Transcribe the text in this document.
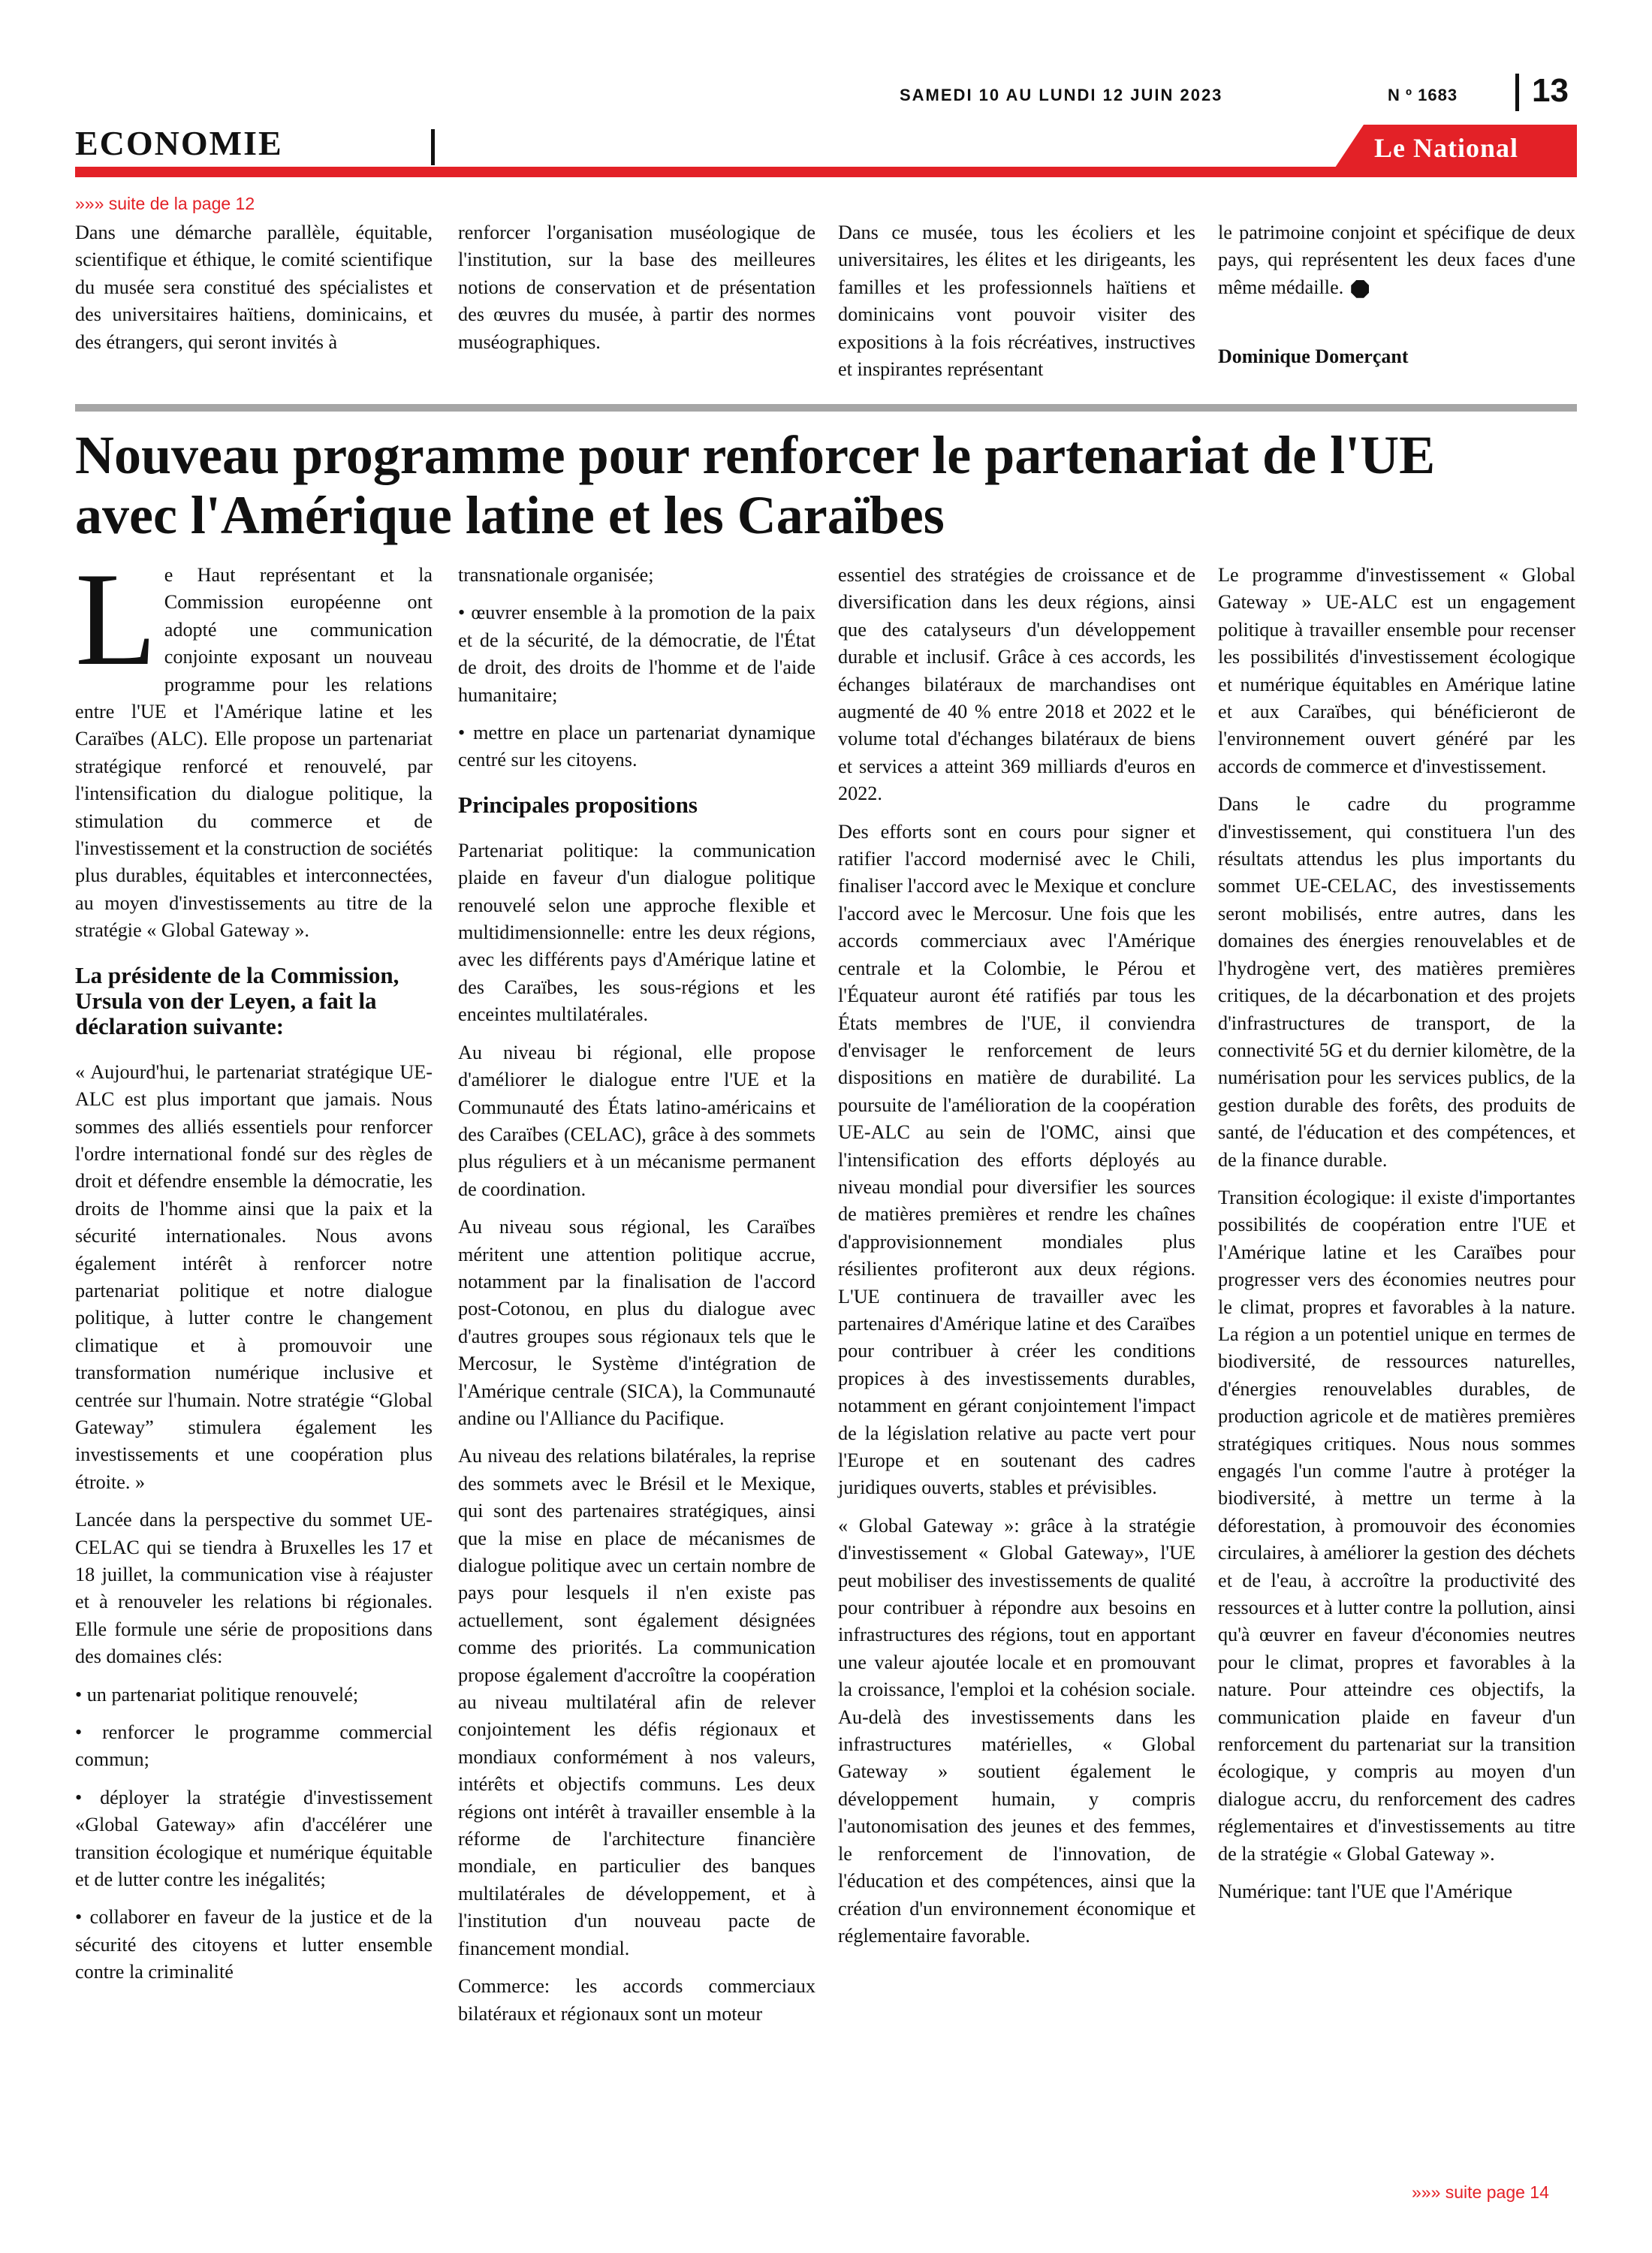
SAMEDI 10 AU LUNDI 12 JUIN 2023	N º 1683 13
ECONOMIE	Le National
»»» suite de la page 12

Dans une démarche parallèle, équitable, scientifique et éthique, le comité scientifique du musée sera constitué des spécialistes et des universitaires haïtiens, dominicains, et des étrangers, qui seront invités à

renforcer l'organisation muséologique de l'institution, sur la base des meilleures notions de conservation et de présentation des œuvres du musée, à partir des normes muséographiques.

Dans ce musée, tous les écoliers et les universitaires, les élites et les dirigeants, les familles et les professionnels haïtiens et dominicains vont pouvoir visiter des expositions à la fois récréatives, instructives et inspirantes représentant

le patrimoine conjoint et spécifique de deux pays, qui représentent les deux faces d'une même médaille.

Dominique Domerçant

Nouveau programme pour renforcer le partenariat de l'UE
avec l'Amérique latine et les Caraïbes

Le Haut représentant et la Commission européenne ont adopté une communication conjointe exposant un nouveau programme pour les relations entre l'UE et l'Amérique latine et les Caraïbes (ALC). Elle propose un partenariat stratégique renforcé et renouvelé, par l'intensification du dialogue politique, la stimulation du commerce et de l'investissement et la construction de sociétés plus durables, équitables et interconnectées, au moyen d'investissements au titre de la stratégie « Global Gateway ».

La présidente de la Commission, Ursula von der Leyen, a fait la déclaration suivante:

« Aujourd'hui, le partenariat stratégique UE-ALC est plus important que jamais. Nous sommes des alliés essentiels pour renforcer l'ordre international fondé sur des règles de droit et défendre ensemble la démocratie, les droits de l'homme ainsi que la paix et la sécurité internationales. Nous avons également intérêt à renforcer notre partenariat politique et notre dialogue politique, à lutter contre le changement climatique et à promouvoir une transformation numérique inclusive et centrée sur l'humain. Notre stratégie “Global Gateway” stimulera également les investissements et une coopération plus étroite. »

Lancée dans la perspective du sommet UE-CELAC qui se tiendra à Bruxelles les 17 et 18 juillet, la communication vise à réajuster et à renouveler les relations bi régionales. Elle formule une série de propositions dans des domaines clés:

• un partenariat politique renouvelé;

• renforcer le programme commercial commun;

• déployer la stratégie d'investissement «Global Gateway» afin d'accélérer une transition écologique et numérique équitable et de lutter contre les inégalités;

• collaborer en faveur de la justice et de la sécurité des citoyens et lutter ensemble contre la criminalité

transnationale organisée;

• œuvrer ensemble à la promotion de la paix et de la sécurité, de la démocratie, de l'État de droit, des droits de l'homme et de l'aide humanitaire;

• mettre en place un partenariat dynamique centré sur les citoyens.

Principales propositions

Partenariat politique: la communication plaide en faveur d'un dialogue politique renouvelé selon une approche flexible et multidimensionnelle: entre les deux régions, avec les différents pays d'Amérique latine et des Caraïbes, les sous-régions et les enceintes multilatérales.

Au niveau bi régional, elle propose d'améliorer le dialogue entre l'UE et la Communauté des États latino-américains et des Caraïbes (CELAC), grâce à des sommets plus réguliers et à un mécanisme permanent de coordination.

Au niveau sous régional, les Caraïbes méritent une attention politique accrue, notamment par la finalisation de l'accord post-Cotonou, en plus du dialogue avec d'autres groupes sous régionaux tels que le Mercosur, le Système d'intégration de l'Amérique centrale (SICA), la Communauté andine ou l'Alliance du Pacifique.

Au niveau des relations bilatérales, la reprise des sommets avec le Brésil et le Mexique, qui sont des partenaires stratégiques, ainsi que la mise en place de mécanismes de dialogue politique avec un certain nombre de pays pour lesquels il n'en existe pas actuellement, sont également désignées comme des priorités. La communication propose également d'accroître la coopération au niveau multilatéral afin de relever conjointement les défis régionaux et mondiaux conformément à nos valeurs, intérêts et objectifs communs. Les deux régions ont intérêt à travailler ensemble à la réforme de l'architecture financière mondiale, en particulier des banques multilatérales de développement, et à l'institution d'un nouveau pacte de financement mondial.

Commerce: les accords commerciaux bilatéraux et régionaux sont un moteur

essentiel des stratégies de croissance et de diversification dans les deux régions, ainsi que des catalyseurs d'un développement durable et inclusif. Grâce à ces accords, les échanges bilatéraux de marchandises ont augmenté de 40 % entre 2018 et 2022 et le volume total d'échanges bilatéraux de biens et services a atteint 369 milliards d'euros en 2022.

Des efforts sont en cours pour signer et ratifier l'accord modernisé avec le Chili, finaliser l'accord avec le Mexique et conclure l'accord avec le Mercosur. Une fois que les accords commerciaux avec l'Amérique centrale et la Colombie, le Pérou et l'Équateur auront été ratifiés par tous les États membres de l'UE, il conviendra d'envisager le renforcement de leurs dispositions en matière de durabilité. La poursuite de l'amélioration de la coopération UE-ALC au sein de l'OMC, ainsi que l'intensification des efforts déployés au niveau mondial pour diversifier les sources de matières premières et rendre les chaînes d'approvisionnement mondiales plus résilientes profiteront aux deux régions. L'UE continuera de travailler avec les partenaires d'Amérique latine et des Caraïbes pour contribuer à créer les conditions propices à des investissements durables, notamment en gérant conjointement l'impact de la législation relative au pacte vert pour l'Europe et en soutenant des cadres juridiques ouverts, stables et prévisibles.

« Global Gateway »: grâce à la stratégie d'investissement « Global Gateway», l'UE peut mobiliser des investissements de qualité pour contribuer à répondre aux besoins en infrastructures des régions, tout en apportant une valeur ajoutée locale et en promouvant la croissance, l'emploi et la cohésion sociale. Au-delà des investissements dans les infrastructures matérielles, « Global Gateway » soutient également le développement humain, y compris l'autonomisation des jeunes et des femmes, le renforcement de l'innovation, de l'éducation et des compétences, ainsi que la création d'un environnement économique et réglementaire favorable.

Le programme d'investissement « Global Gateway » UE-ALC est un engagement politique à travailler ensemble pour recenser les possibilités d'investissement écologique et numérique équitables en Amérique latine et aux Caraïbes, qui bénéficieront de l'environnement ouvert généré par les accords de commerce et d'investissement.

Dans le cadre du programme d'investissement, qui constituera l'un des résultats attendus les plus importants du sommet UE-CELAC, des investissements seront mobilisés, entre autres, dans les domaines des énergies renouvelables et de l'hydrogène vert, des matières premières critiques, de la décarbonation et des projets d'infrastructures de transport, de la connectivité 5G et du dernier kilomètre, de la numérisation pour les services publics, de la gestion durable des forêts, des produits de santé, de l'éducation et des compétences, et de la finance durable.

Transition écologique: il existe d'importantes possibilités de coopération entre l'UE et l'Amérique latine et les Caraïbes pour progresser vers des économies neutres pour le climat, propres et favorables à la nature. La région a un potentiel unique en termes de biodiversité, de ressources naturelles, d'énergies renouvelables durables, de production agricole et de matières premières stratégiques critiques. Nous nous sommes engagés l'un comme l'autre à protéger la biodiversité, à mettre un terme à la déforestation, à promouvoir des économies circulaires, à améliorer la gestion des déchets et de l'eau, à accroître la productivité des ressources et à lutter contre la pollution, ainsi qu'à œuvrer en faveur d'économies neutres pour le climat, propres et favorables à la nature. Pour atteindre ces objectifs, la communication plaide en faveur d'un renforcement du partenariat sur la transition écologique, y compris au moyen d'un dialogue accru, du renforcement des cadres réglementaires et d'investissements au titre de la stratégie « Global Gateway ».

Numérique: tant l'UE que l'Amérique

»»» suite page 14
